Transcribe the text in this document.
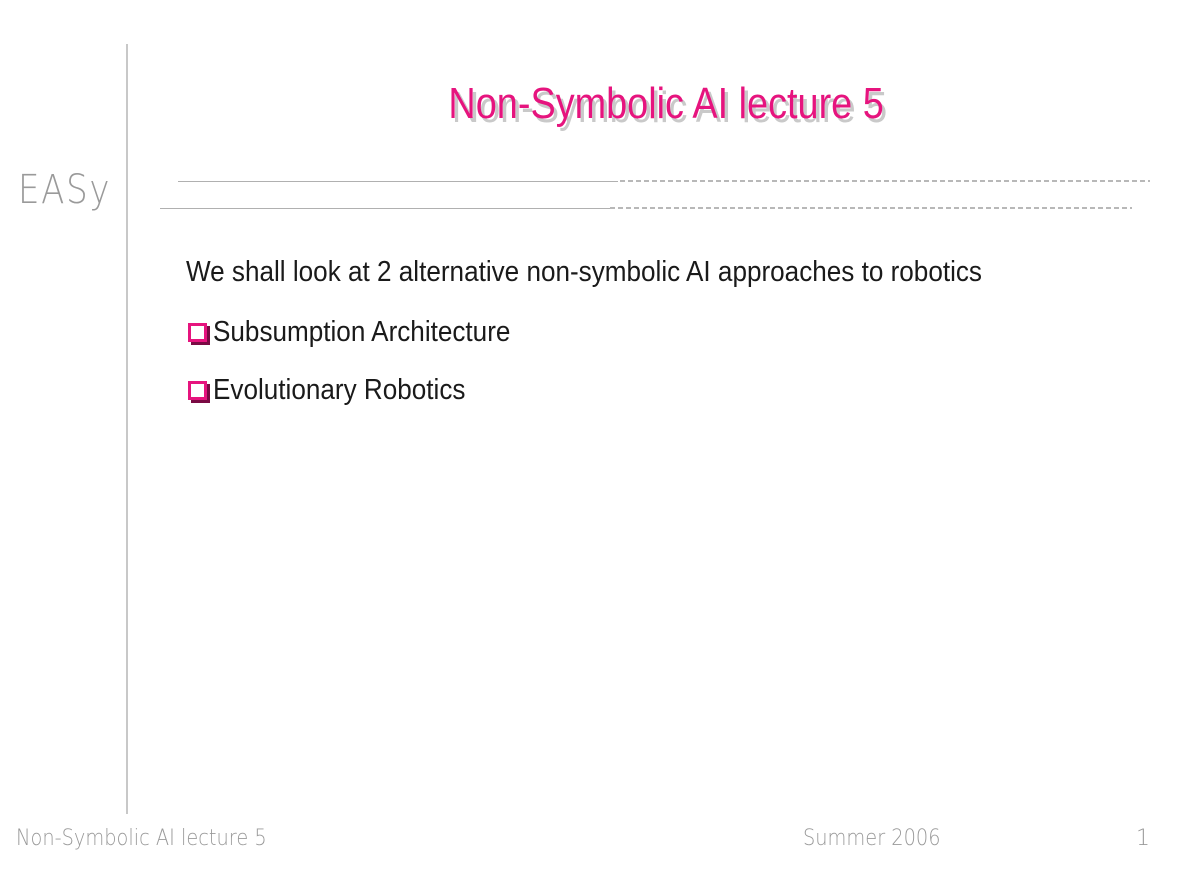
EASy
Non-Symbolic AI lecture 5
We shall look at 2 alternative non-symbolic AI approaches to robotics
Subsumption Architecture
Evolutionary Robotics
Non-Symbolic AI lecture 5	Summer 2006	1
